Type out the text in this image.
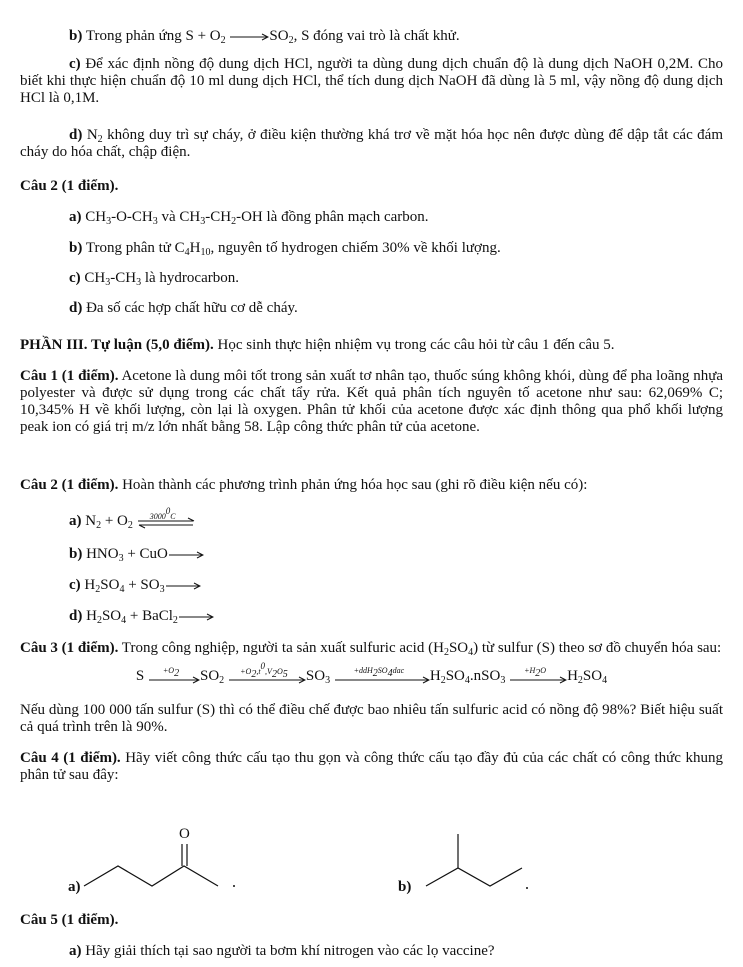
b) Trong phản ứng $S + O_2 \to SO_2$, S đóng vai trò là chất khử.

c) Để xác định nồng độ dung dịch HCl, người ta dùng dung dịch chuẩn độ là dung dịch NaOH 0,2M. Cho biết khi thực hiện chuẩn độ 10 ml dung dịch HCl, thể tích dung dịch NaOH đã dùng là 5 ml, vậy nồng độ dung dịch HCl là 0,1M.

d) $N_2$ không duy trì sự cháy, ở điều kiện thường khá trơ về mặt hóa học nên được dùng để dập tắt các đám cháy do hóa chất, chập điện.

Câu 2 (1 điểm).

a) $CH_3-O-CH_3$ và $CH_3-CH_2-OH$ là đồng phân mạch carbon.

b) Trong phân tử $C_4H_{10}$, nguyên tố hydrogen chiếm 30% về khối lượng.

c) $CH_3-CH_3$ là hydrocarbon.

d) Đa số các hợp chất hữu cơ dễ cháy.

PHẦN III. Tự luận (5,0 điểm). Học sinh thực hiện nhiệm vụ trong các câu hỏi từ câu 1 đến câu 5.

Câu 1 (1 điểm). Acetone là dung môi tốt trong sản xuất tơ nhân tạo, thuốc súng không khói, dùng để pha loãng nhựa polyester và được sử dụng trong các chất tẩy rửa. Kết quả phân tích nguyên tố acetone như sau: 62,069% C; 10,345% H về khối lượng, còn lại là oxygen. Phân tử khối của acetone được xác định thông qua phổ khối lượng peak ion có giá trị m/z lớn nhất bằng 58. Lập công thức phân tử của acetone.

Câu 2 (1 điểm). Hoàn thành các phương trình phản ứng hóa học sau (ghi rõ điều kiện nếu có):

a) $N_2 + O_2$
3000$^0$C

b) $HNO_3 + CuO\to$

c) $H_2SO_4 + SO_3\to$

d) $H_2SO_4$ + BaCl$_2$→

Câu 3 (1 điểm). Trong công nghiệp, người ta sản xuất sulfuric acid $(H_2SO_4)$ từ sulfur (S) theo sơ đồ chuyển hóa sau:

S	$+O_2$	$SO_2$
$+O_2,t^0,V_2O_5$	$SO_3$
$+ddH_2SO_4dac$	$H_2SO_4.nSO_3$
$+H_2O$	$H_2SO_4$

Nếu dùng 100 000 tấn sulfur (S) thì có thể điều chế được bao nhiêu tấn sulfuric acid có nồng độ 98%? Biết hiệu suất cả quá trình trên là 90%.

Câu 4 (1 điểm). Hãy viết công thức cấu tạo thu gọn và công thức cấu tạo đầy đủ của các chất có công thức khung phân tử sau đây:

a)
O
b)

Câu 5 (1 điểm).

a) Hãy giải thích tại sao người ta bơm khí nitrogen vào các lọ vaccine?
